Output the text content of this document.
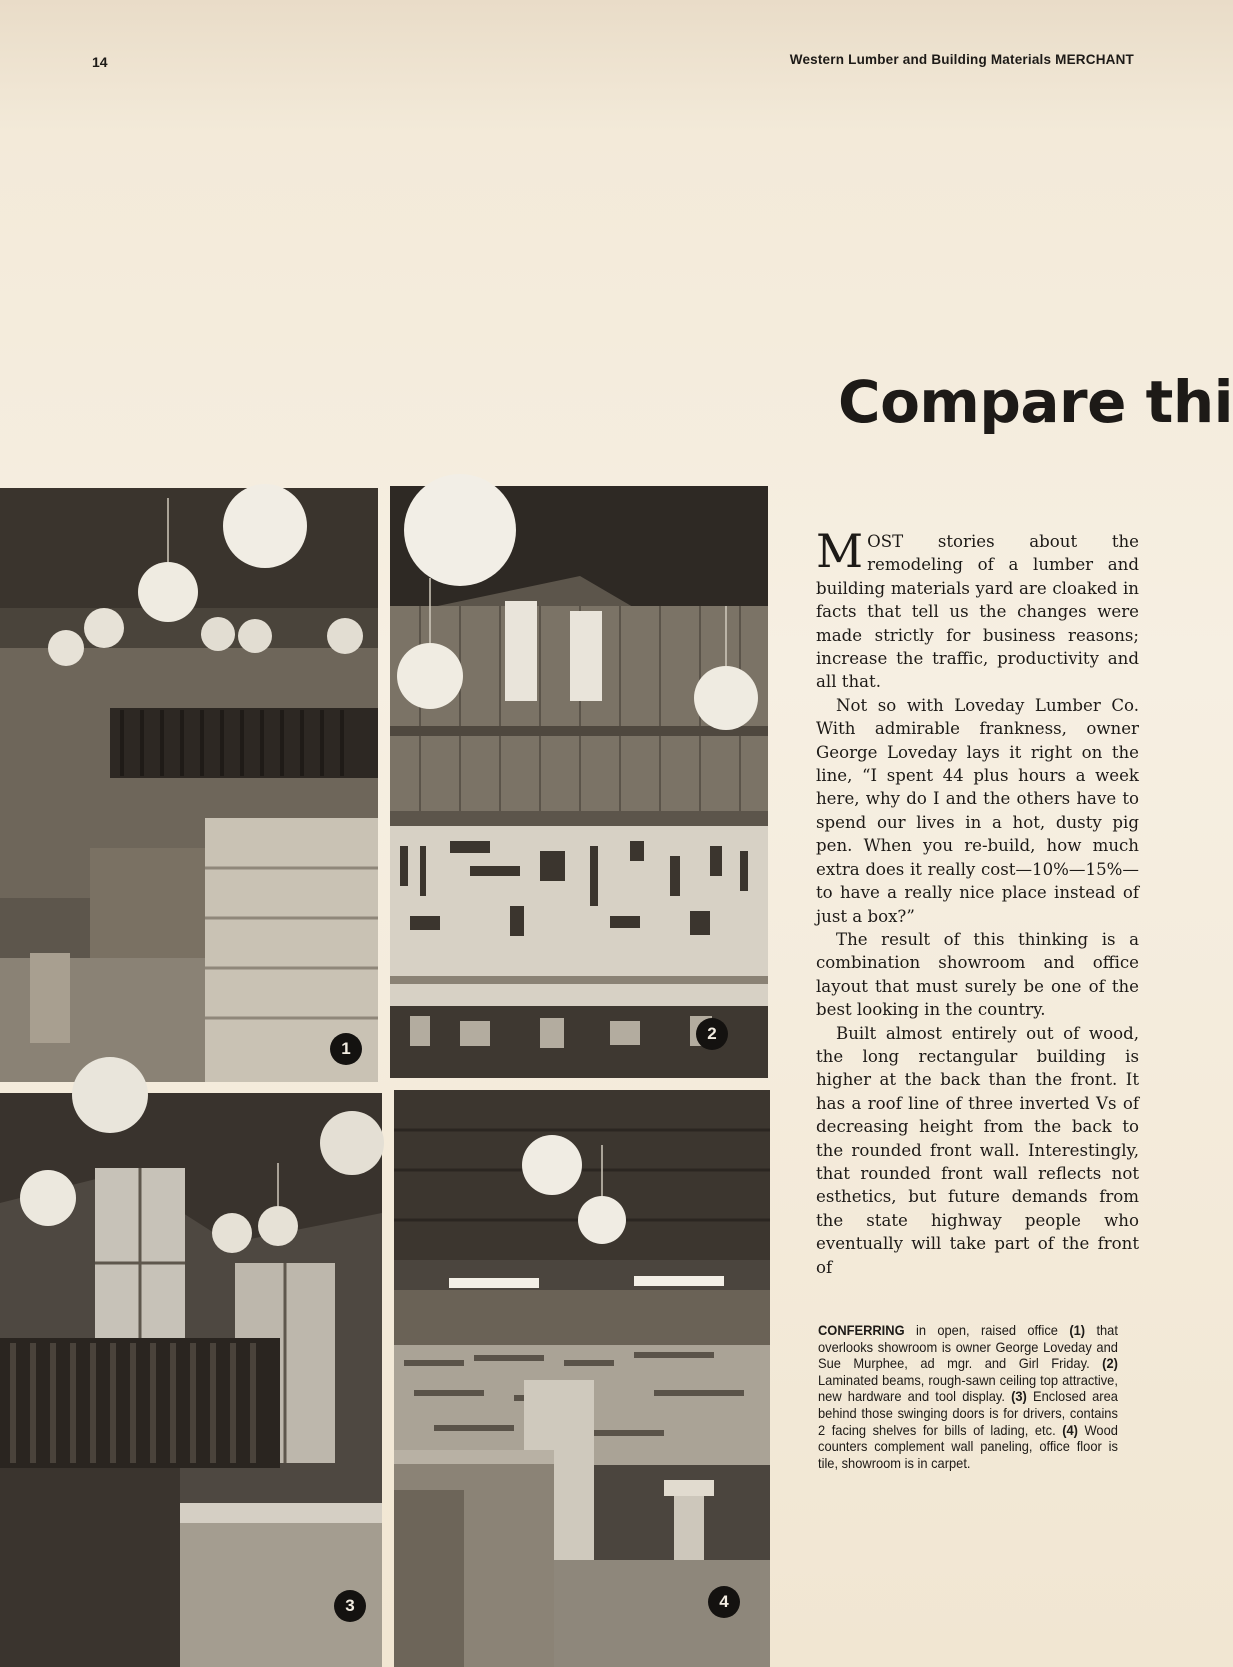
14	Western Lumber and Building Materials MERCHANT
Compare thi
1
2
3	4

MOST stories about the remodeling of a lumber and building materials yard are cloaked in facts that tell us the changes were made strictly for business reasons; increase the traffic, productivity and all that.

Not so with Loveday Lumber Co. With admirable frankness, owner George Loveday lays it right on the line, “I spent 44 plus hours a week here, why do I and the others have to spend our lives in a hot, dusty pig pen. When you re-build, how much extra does it really cost—10%—15%—to have a really nice place instead of just a box?”

The result of this thinking is a combination showroom and office layout that must surely be one of the best looking in the country.

Built almost entirely out of wood, the long rectangular building is higher at the back than the front. It has a roof line of three inverted Vs of decreasing height from the back to the rounded front wall. Interestingly, that rounded front wall reflects not esthetics, but future demands from the state highway people who eventually will take part of the front of

CONFERRING in open, raised office (1) that overlooks showroom is owner George Loveday and Sue Murphee, ad mgr. and Girl Friday. (2) Laminated beams, rough-sawn ceiling top attractive, new hardware and tool display. (3) Enclosed area behind those swinging doors is for drivers, contains 2 facing shelves for bills of lading, etc. (4) Wood counters complement wall paneling, office floor is tile, showroom is in carpet.
